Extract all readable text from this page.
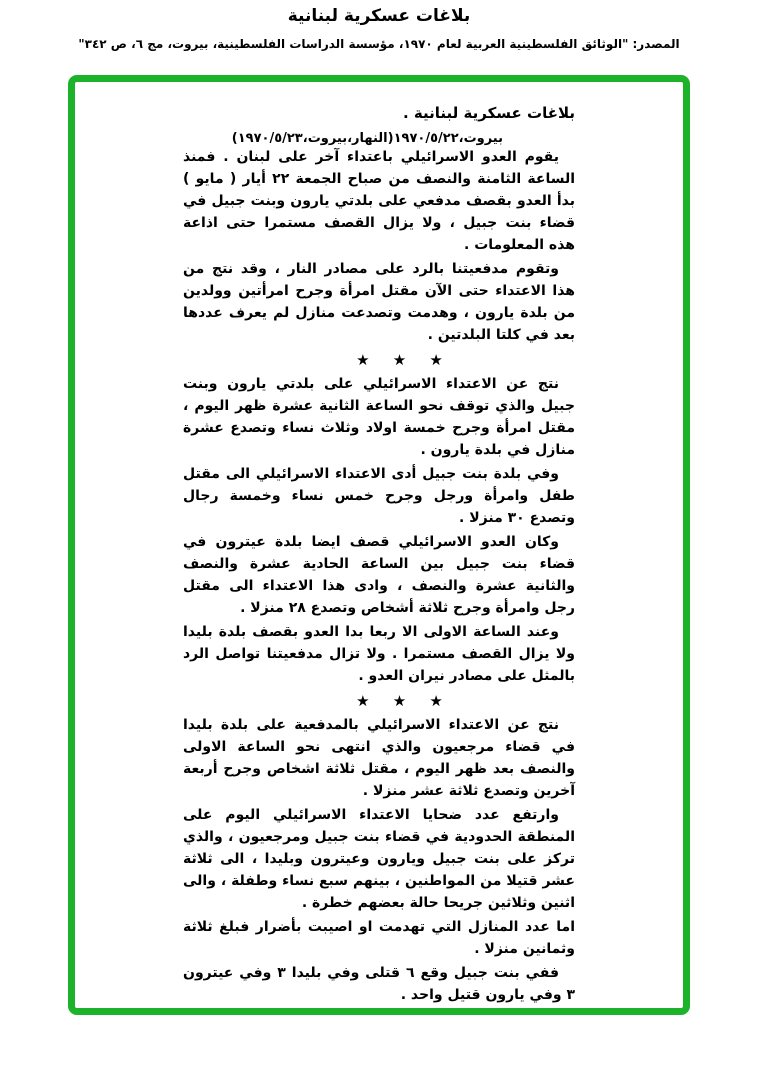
بلاغات عسكرية لبنانية
المصدر: "الوثائق الفلسطينية العربية لعام ١٩٧٠، مؤسسة الدراسات الفلسطينية، بيروت، مج ٦، ص ٣٤٢"
بلاغات عسكرية لبنانية .
بيروت،١٩٧٠/٥/٢٢
(النهار،بيروت،١٩٧٠/٥/٢٣)

يقوم العدو الاسرائيلي باعتداء آخر على لبنان . فمنذ الساعة الثامنة والنصف من صباح الجمعة ٢٢ أيار ( مايو ) بدأ العدو بقصف مدفعي على بلدتي يارون وبنت جبيل في قضاء بنت جبيل ، ولا يزال القصف مستمرا حتى اذاعة هذه المعلومات .

وتقوم مدفعيتنا بالرد على مصادر النار ، وقد نتج من هذا الاعتداء حتى الآن مقتل امرأة وجرح امرأتين وولدين من بلدة يارون ، وهدمت وتصدعت منازل لم يعرف عددها بعد في كلتا البلدتين .

★ ★ ★

نتج عن الاعتداء الاسرائيلي على بلدتي يارون وبنت جبيل والذي توقف نحو الساعة الثانية عشرة ظهر اليوم ، مقتل امرأة وجرح خمسة اولاد وثلاث نساء وتصدع عشرة منازل في بلدة يارون .

وفي بلدة بنت جبيل أدى الاعتداء الاسرائيلي الى مقتل طفل وامرأة ورجل وجرح خمس نساء وخمسة رجال وتصدع ٣٠ منزلا .

وكان العدو الاسرائيلي قصف ايضا بلدة عيترون في قضاء بنت جبيل بين الساعة الحادية عشرة والنصف والثانية عشرة والنصف ، وادى هذا الاعتداء الى مقتل رجل وامرأة وجرح ثلاثة أشخاص وتصدع ٢٨ منزلا .

وعند الساعة الاولى الا ربعا بدا العدو بقصف بلدة بليدا ولا يزال القصف مستمرا . ولا تزال مدفعيتنا تواصل الرد بالمثل على مصادر نيران العدو .

★ ★ ★

نتج عن الاعتداء الاسرائيلي بالمدفعية على بلدة بليدا في قضاء مرجعيون والذي انتهى نحو الساعة الاولى والنصف بعد ظهر اليوم ، مقتل ثلاثة اشخاص وجرح أربعة آخرين وتصدع ثلاثة عشر منزلا .

وارتفع عدد ضحايا الاعتداء الاسرائيلي اليوم على المنطقة الحدودية في قضاء بنت جبيل ومرجعيون ، والذي تركز على بنت جبيل ويارون وعيترون وبليدا ، الى ثلاثة عشر قتيلا من المواطنين ، بينهم سبع نساء وطفلة ، والى اثنين وثلاثين جريحا حالة بعضهم خطرة .

اما عدد المنازل التي تهدمت او اصيبت بأضرار فبلغ ثلاثة وثمانين منزلا .

ففي بنت جبيل وقع ٦ قتلى وفي بليدا ٣ وفي عيترون ٣ وفي يارون قتيل واحد .
